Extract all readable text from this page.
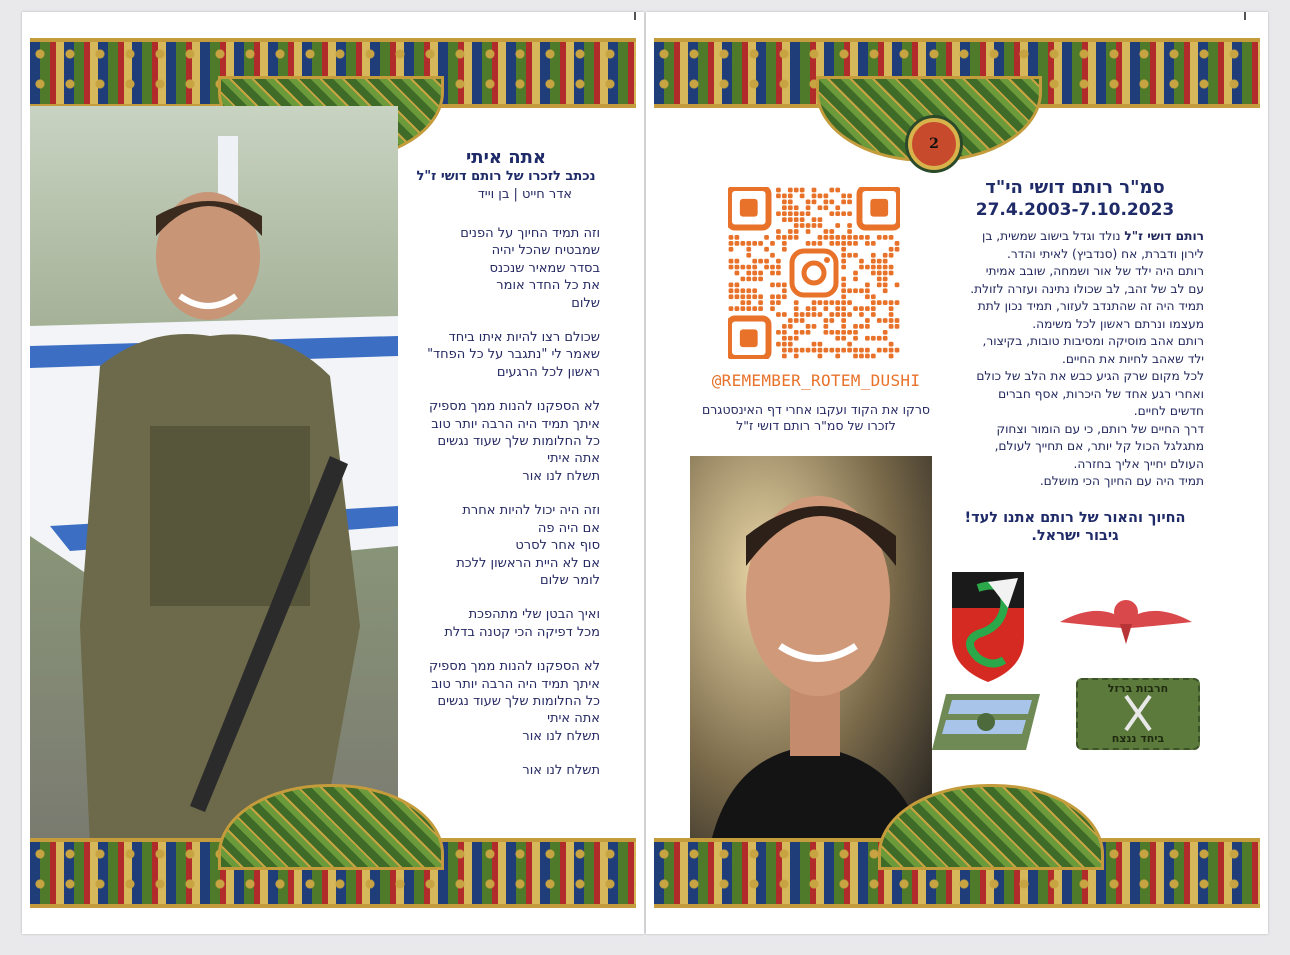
אתה איתי
נכתב לזכרו של רותם דושי ז"ל
אדר חייט | בן וייד
וזה תמיד החיוך על הפנים
שמבטיח שהכל יהיה
בסדר שמאיר שנכנס
את כל החדר אומר
שלום
שכולם רצו להיות איתו ביחד
שאמר לי "נתגבר על כל הפחד"
ראשון לכל הרגעים
לא הספקנו להנות ממך מספיק
איתך תמיד היה הרבה יותר טוב
כל החלומות שלך שעוד נגשים
אתה איתי
תשלח לנו אור
וזה היה יכול להיות אחרת
אם היה פה
סוף אחר לסרט
אם לא היית הראשון ללכת
לומר שלום
ואיך הבטן שלי מתהפכת
מכל דפיקה הכי קטנה בדלת
לא הספקנו להנות ממך מספיק
איתך תמיד היה הרבה יותר טוב
כל החלומות שלך שעוד נגשים
אתה איתי
תשלח לנו אור
תשלח לנו אור
2
@REMEMBER_ROTEM_DUSHI
סרקו את הקוד ועקבו אחרי דף האינסטגרם
לזכרו של סמ"ר רותם דושי ז"ל
סמ"ר רותם דושי הי"ד
27.4.2003-7.10.2023
רותם דושי ז"ל נולד וגדל בישוב שמשית, בן
לירון ודברת, אח (סנדביץ) לאיתי והדר.
רותם היה ילד של אור ושמחה, שובב אמיתי
עם לב של זהב, לב שכולו נתינה ועזרה לזולת.
תמיד היה זה שהתנדב לעזור, תמיד נכון לתת
מעצמו ונרתם ראשון לכל משימה.
רותם אהב מוסיקה ומסיבות טובות, בקיצור,
ילד שאהב לחיות את החיים.
לכל מקום שרק הגיע כבש את הלב של כולם
ואחרי רגע אחד של היכרות, אסף חברים
חדשים לחיים.
דרך החיים של רותם, כי עם הומור וצחוק
מתגלגל הכול קל יותר, אם תחייך לעולם,
העולם יחייך אליך בחזרה.
תמיד היה עם החיוך הכי מושלם.
החיוך והאור של רותם אתנו לעד!
גיבור ישראל.
חרבות ברזל
ביחד ננצח
